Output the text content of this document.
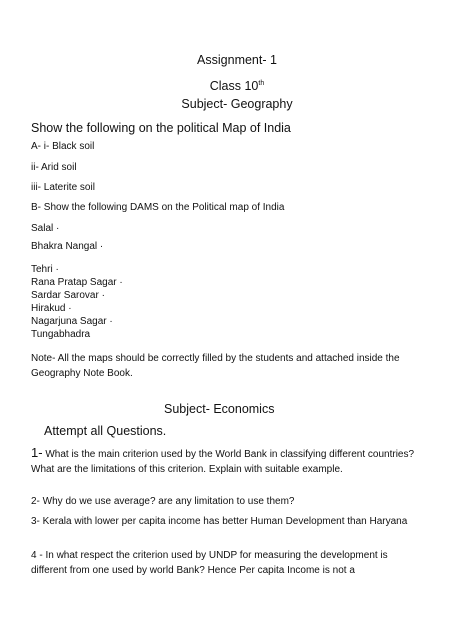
Assignment- 1
Class 10th
Subject- Geography
Show the following on the political Map of India
A- i- Black soil
ii- Arid soil
iii- Laterite soil
B- Show the following DAMS on the Political map of India
Salal ·
Bhakra Nangal ·
Tehri ·
Rana Pratap Sagar ·
Sardar Sarovar ·
Hirakud ·
Nagarjuna Sagar ·
Tungabhadra
Note- All the maps should be correctly filled by the students and attached inside the Geography Note Book.
Subject- Economics
Attempt all Questions.
1- What is the main criterion used by the World Bank in classifying different countries? What are the limitations of this criterion. Explain with suitable example.
2- Why do we use average? are any limitation to use them?
3- Kerala with lower per capita income has better Human Development than Haryana
4 - In what respect the criterion used by UNDP for measuring the development is different from one used by world Bank? Hence Per capita Income is not a
